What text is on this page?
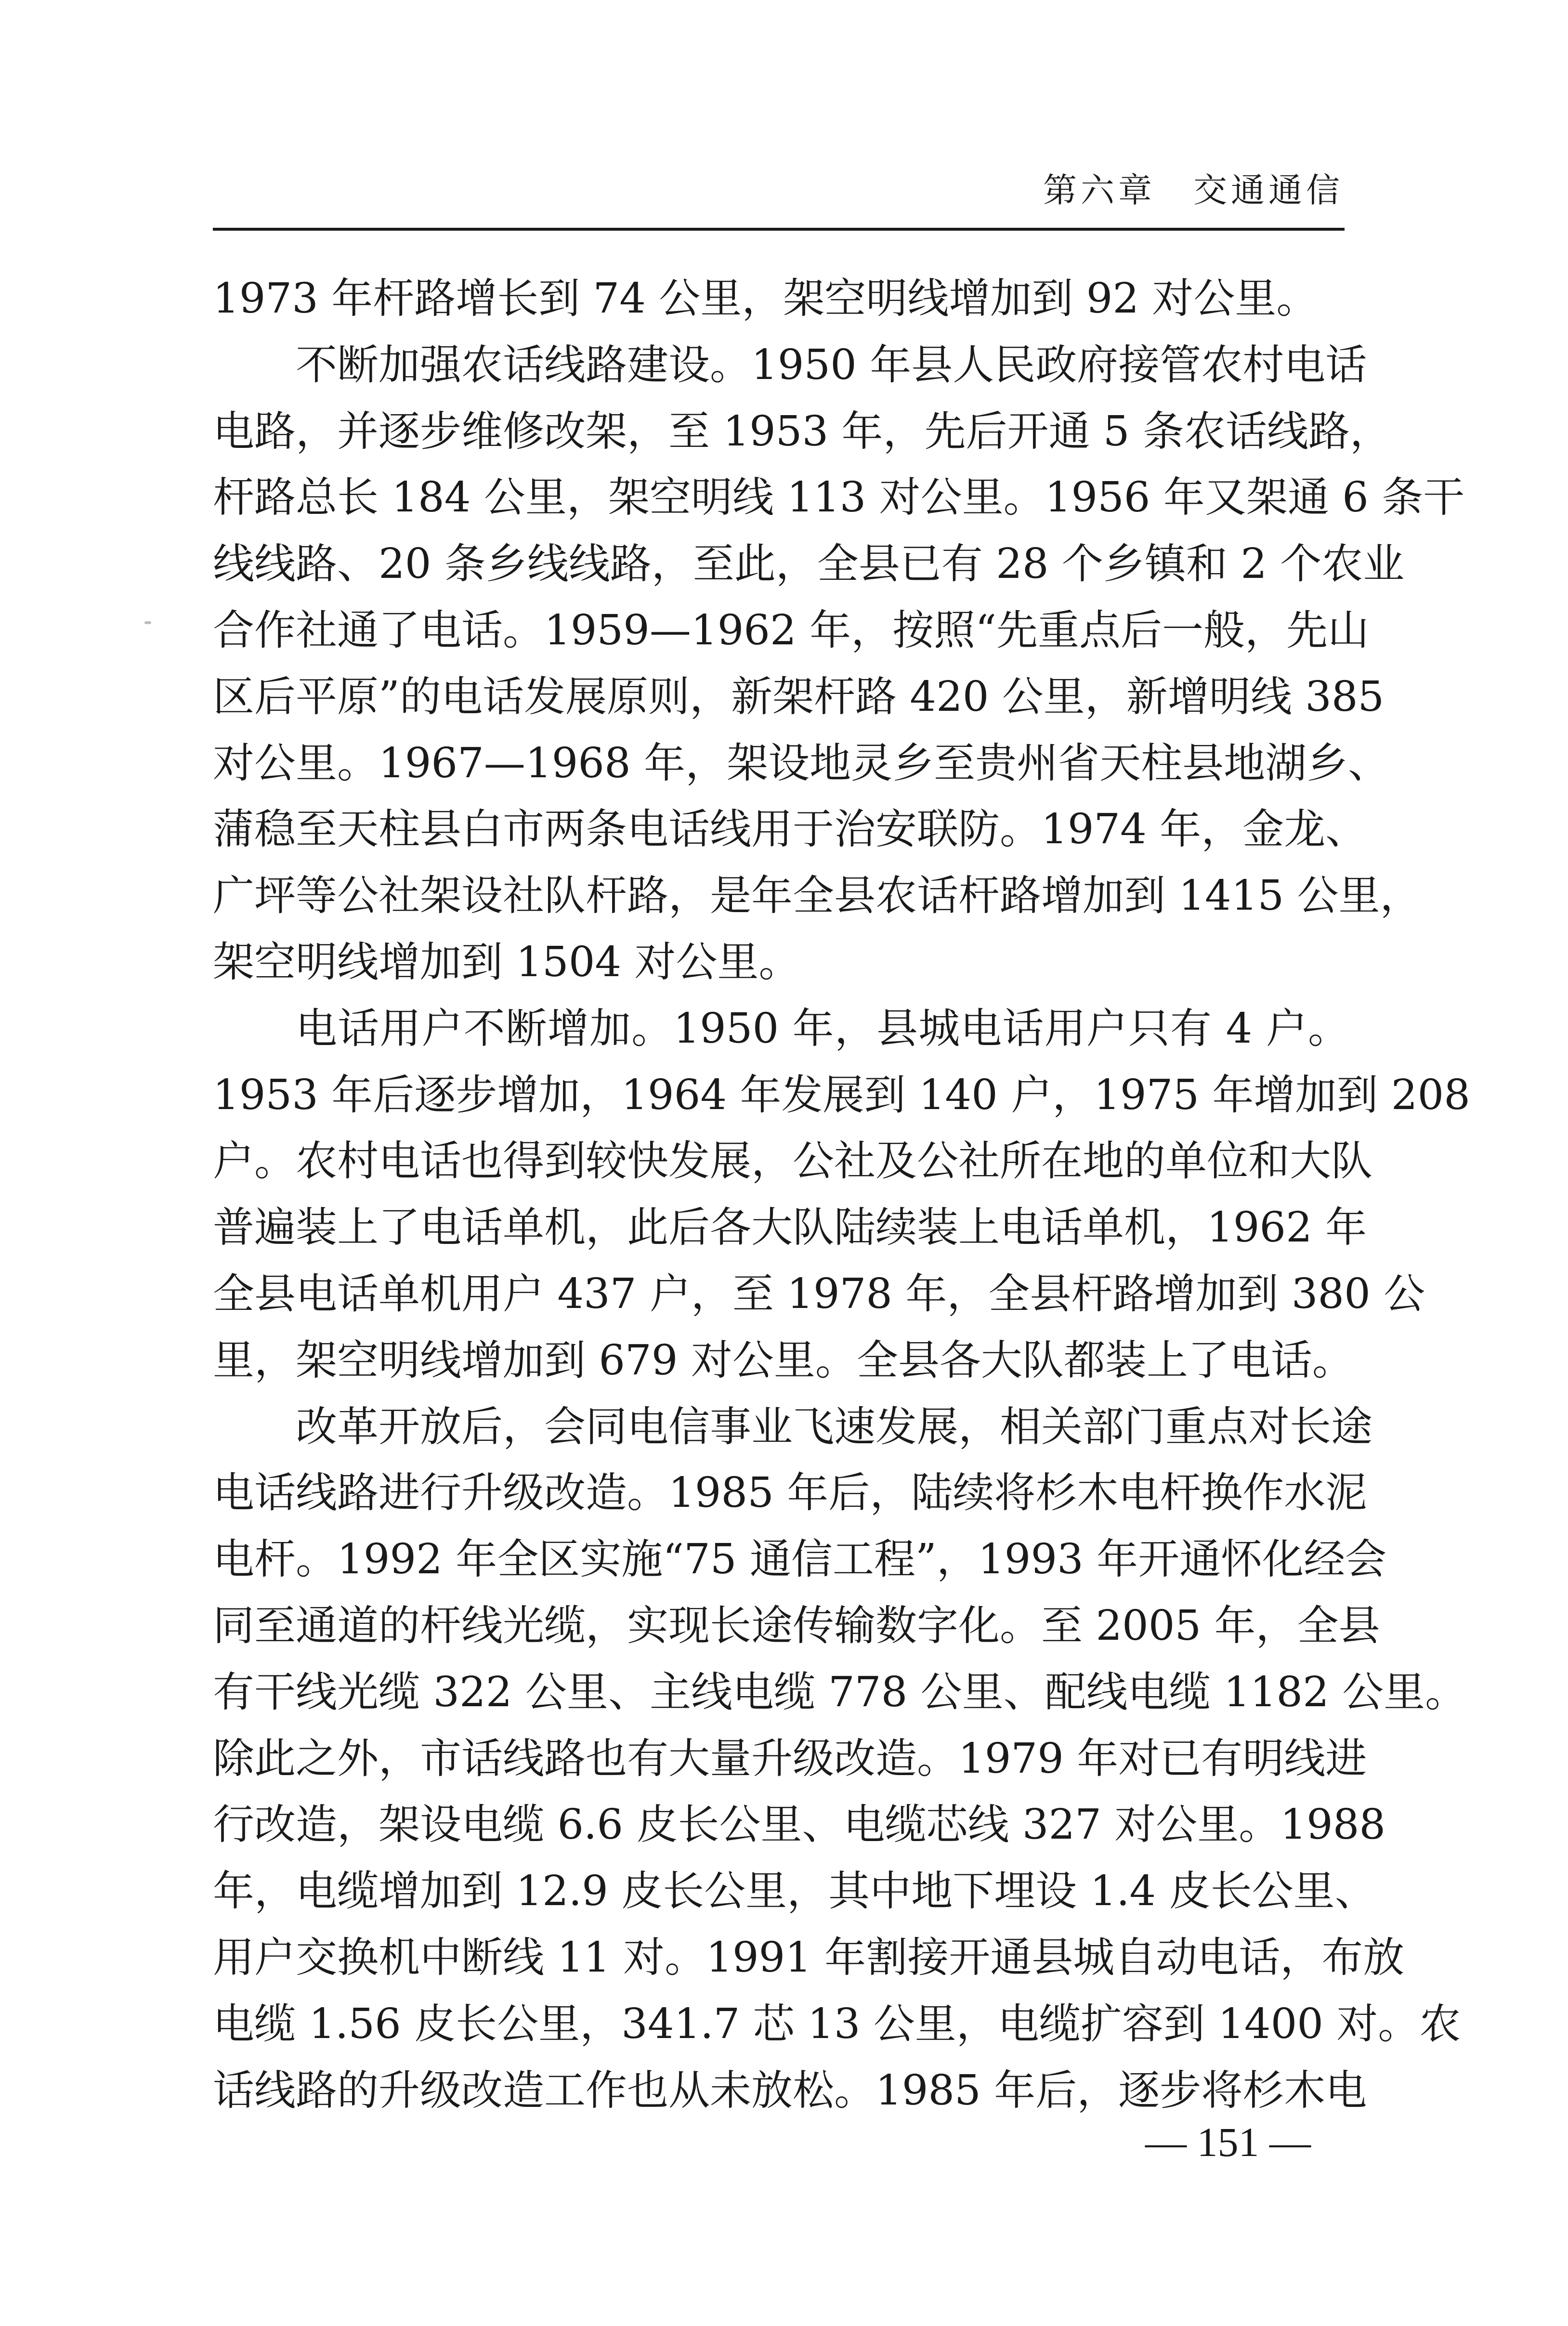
第六章　交通通信
1973 年杆路增长到 74 公里，架空明线增加到 92 对公里。
不断加强农话线路建设。1950 年县人民政府接管农村电话
电路，并逐步维修改架，至 1953 年，先后开通 5 条农话线路，
杆路总长 184 公里，架空明线 113 对公里。1956 年又架通 6 条干
线线路、20 条乡线线路，至此，全县已有 28 个乡镇和 2 个农业
合作社通了电话。1959—1962 年，按照“先重点后一般，先山
区后平原”的电话发展原则，新架杆路 420 公里，新增明线 385
对公里。1967—1968 年，架设地灵乡至贵州省天柱县地湖乡、
蒲稳至天柱县白市两条电话线用于治安联防。1974 年，金龙、
广坪等公社架设社队杆路，是年全县农话杆路增加到 1415 公里，
架空明线增加到 1504 对公里。
电话用户不断增加。1950 年，县城电话用户只有 4 户。
1953 年后逐步增加，1964 年发展到 140 户，1975 年增加到 208
户。农村电话也得到较快发展，公社及公社所在地的单位和大队
普遍装上了电话单机，此后各大队陆续装上电话单机，1962 年
全县电话单机用户 437 户，至 1978 年，全县杆路增加到 380 公
里，架空明线增加到 679 对公里。全县各大队都装上了电话。
改革开放后，会同电信事业飞速发展，相关部门重点对长途
电话线路进行升级改造。1985 年后，陆续将杉木电杆换作水泥
电杆。1992 年全区实施“75 通信工程”，1993 年开通怀化经会
同至通道的杆线光缆，实现长途传输数字化。至 2005 年，全县
有干线光缆 322 公里、主线电缆 778 公里、配线电缆 1182 公里。
除此之外，市话线路也有大量升级改造。1979 年对已有明线进
行改造，架设电缆 6.6 皮长公里、电缆芯线 327 对公里。1988
年，电缆增加到 12.9 皮长公里，其中地下埋设 1.4 皮长公里、
用户交换机中断线 11 对。1991 年割接开通县城自动电话，布放
电缆 1.56 皮长公里，341.7 芯 13 公里，电缆扩容到 1400 对。农
话线路的升级改造工作也从未放松。1985 年后，逐步将杉木电
— 151 —
